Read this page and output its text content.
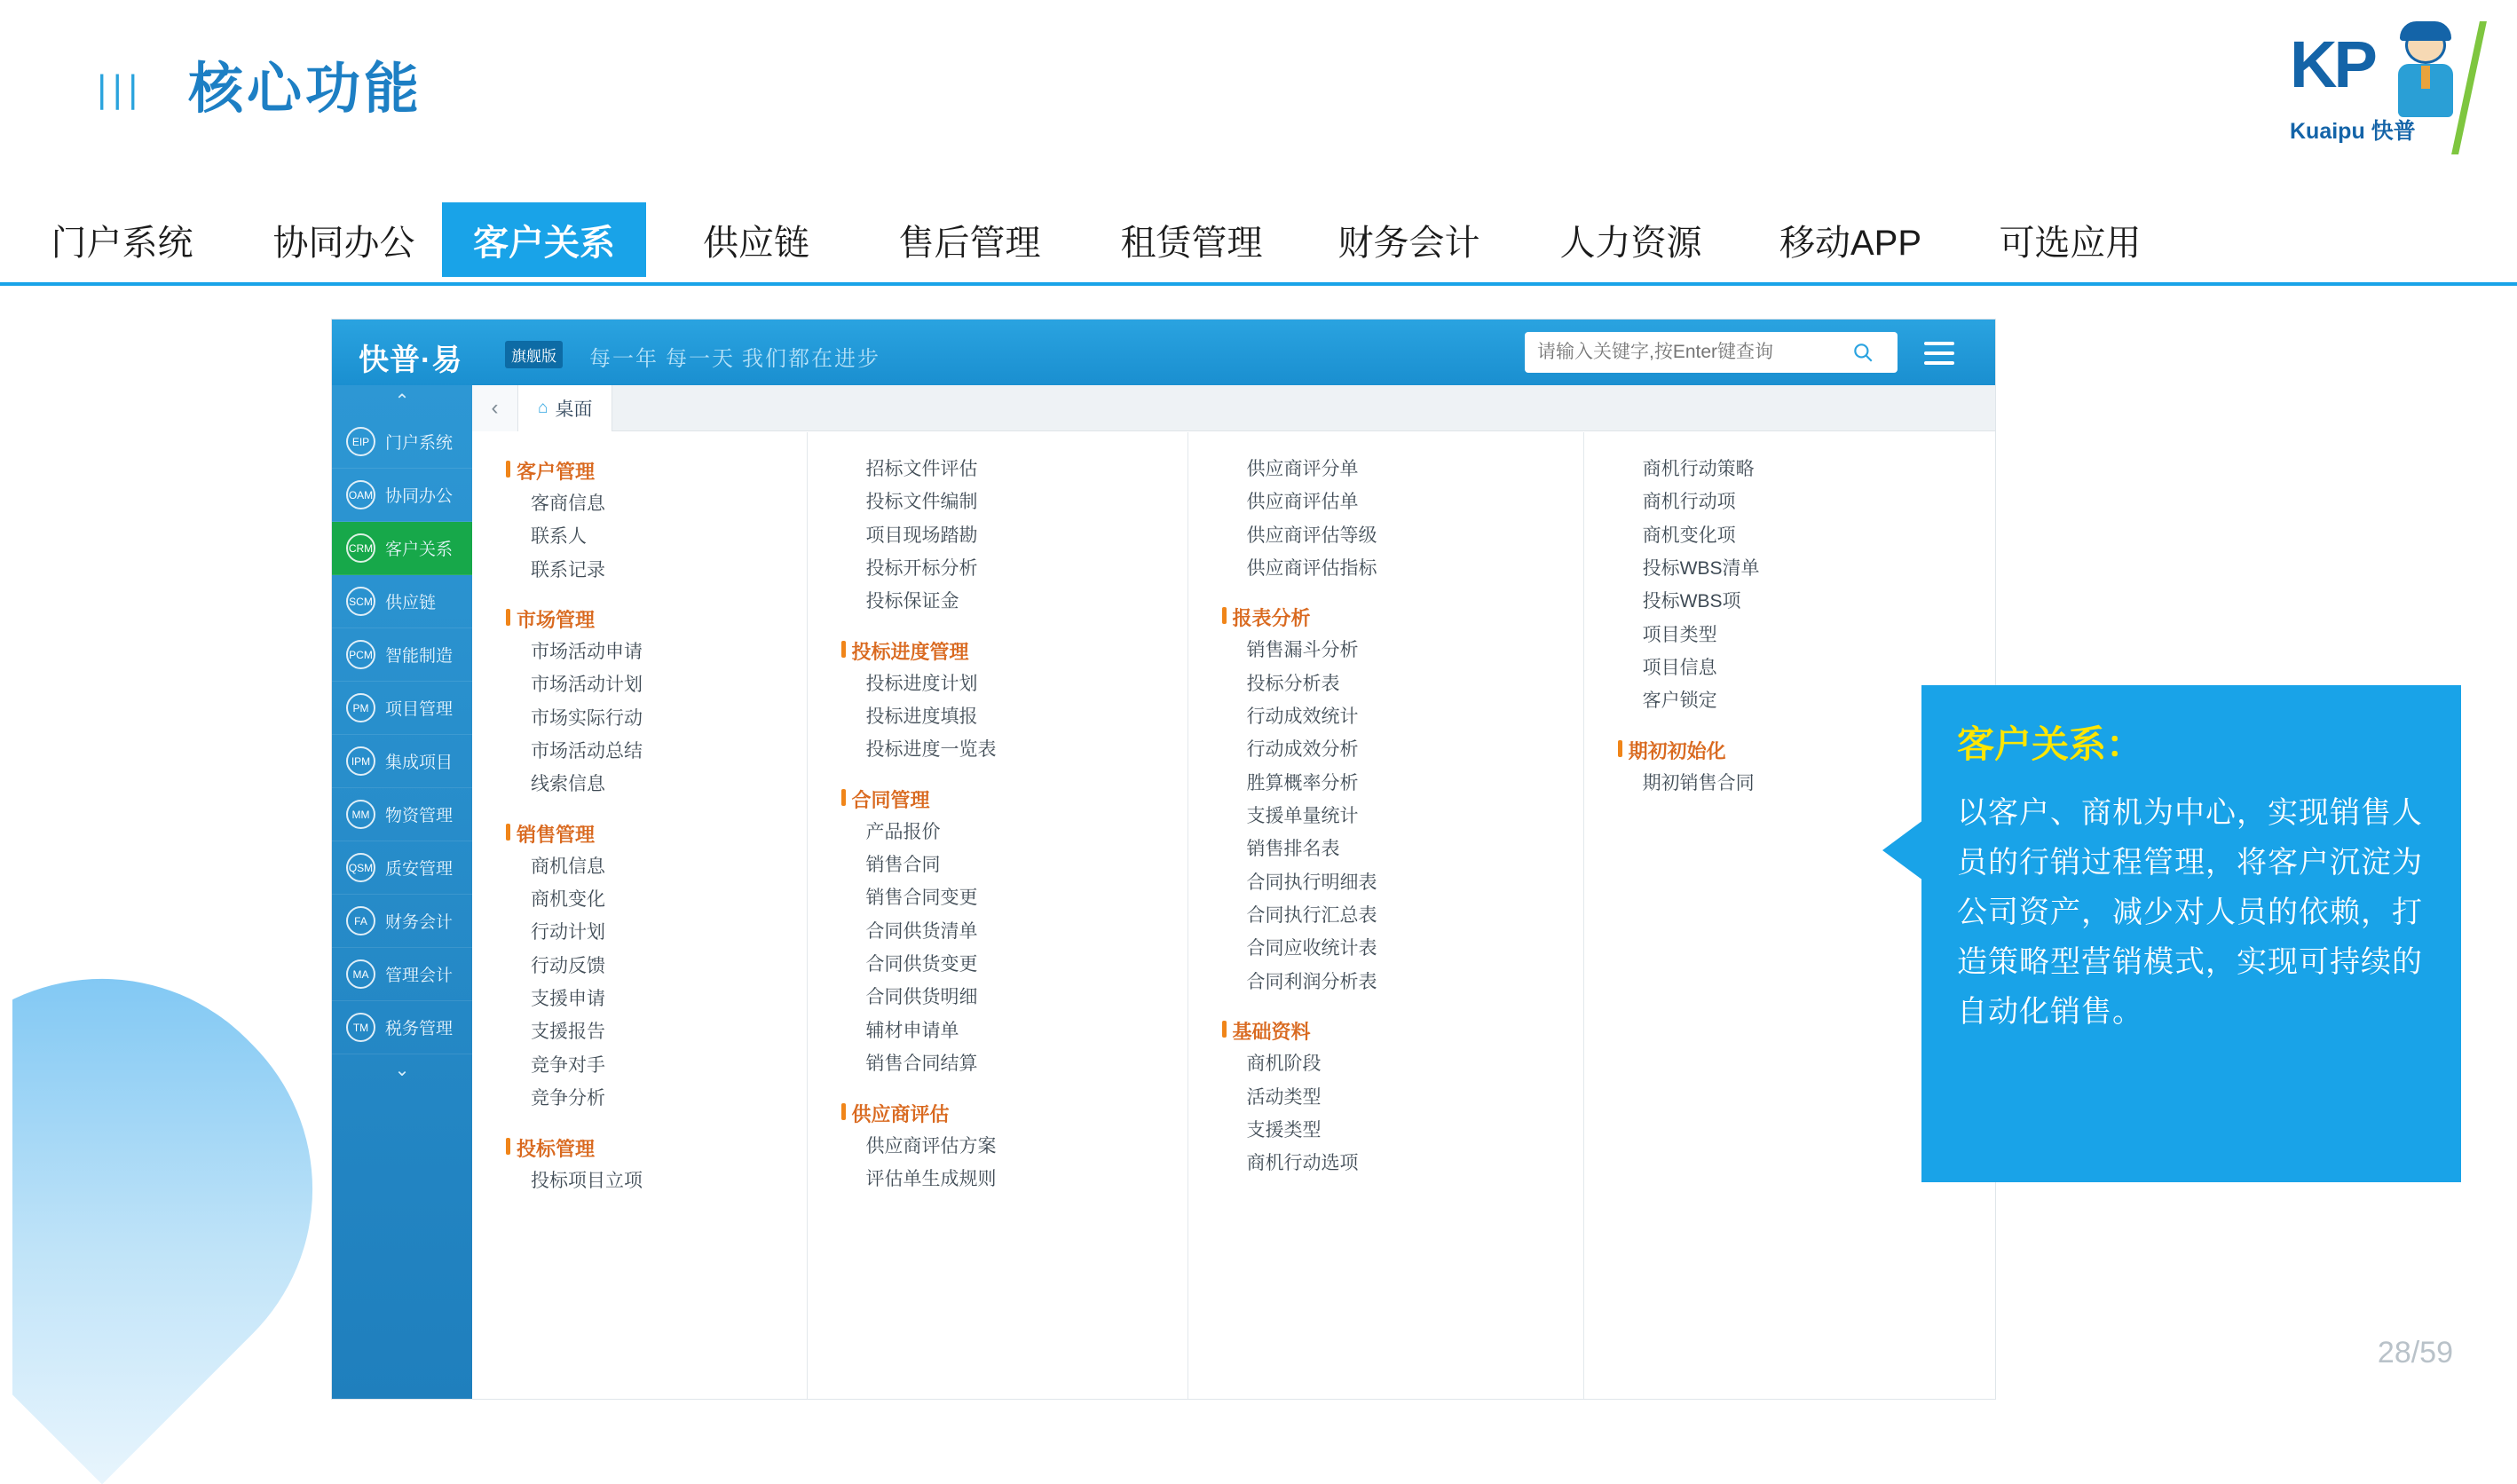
||| 核心功能	KP
Kuaipu 快普
门户系统	协同办公	客户关系	供应链	售后管理	租赁管理	财务会计	人力资源	移动APP	可选应用
快普·易	旗舰版 每一年 每一天 我们都在进步
请输入关键字,按Enter键查询
⌃
EIP 门户系统
OAM 协同办公
CRM 客户关系
SCM 供应链
PCM 智能制造
PM 项目管理
IPM 集成项目
MM 物资管理
QSM 质安管理
FA	财务会计
MA 管理会计
TM 税务管理
⌄
‹	⌂ 桌面
客户管理
客商信息
联系人
联系记录
市场管理
市场活动申请
市场活动计划
市场实际行动
市场活动总结
线索信息
销售管理
商机信息
商机变化
行动计划
行动反馈
支援申请
支援报告
竞争对手
竞争分析
投标管理
投标项目立项
招标文件评估
投标文件编制
项目现场踏勘
投标开标分析
投标保证金
投标进度管理
投标进度计划
投标进度填报
投标进度一览表
合同管理
产品报价
销售合同
销售合同变更
合同供货清单
合同供货变更
合同供货明细
辅材申请单
销售合同结算
供应商评估
供应商评估方案
评估单生成规则
供应商评分单
供应商评估单
供应商评估等级
供应商评估指标
报表分析
销售漏斗分析
投标分析表
行动成效统计
行动成效分析
胜算概率分析
支援单量统计
销售排名表
合同执行明细表
合同执行汇总表
合同应收统计表
合同利润分析表
基础资料
商机阶段
活动类型
支援类型
商机行动选项
商机行动策略
商机行动项
商机变化项
投标WBS清单
投标WBS项
项目类型
项目信息
客户锁定
期初初始化
期初销售合同
客户关系：
以客户、商机为中心，实现销售人员的行销过程管理，将客户沉淀为公司资产，减少对人员的依赖，打造策略型营销模式，实现可持续的自动化销售。
28/59
